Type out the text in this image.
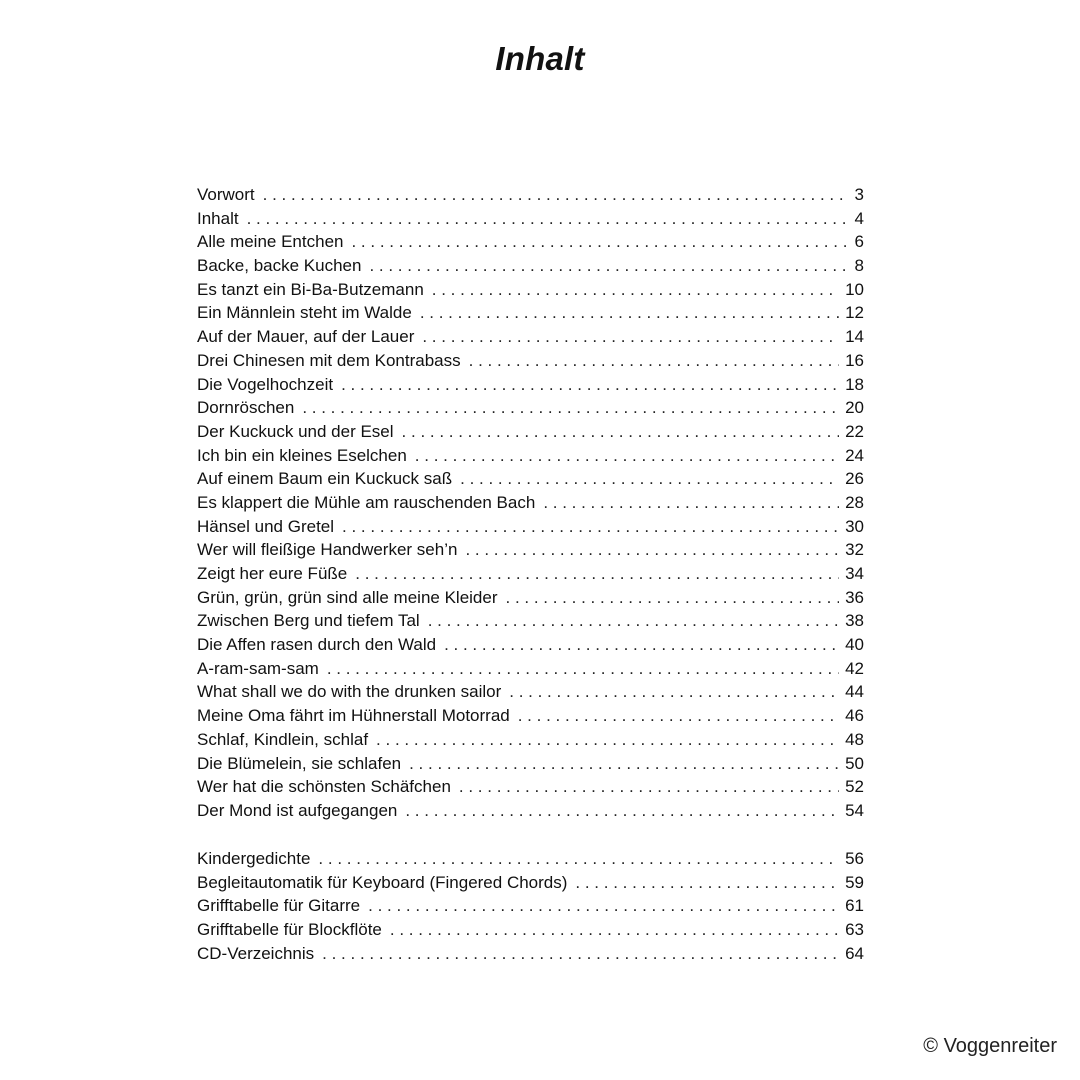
Inhalt
Vorwort . . .	3
Inhalt . . .	4
Alle meine Entchen . . .	6
Backe, backe Kuchen . . .	8
Es tanzt ein Bi-Ba-Butzemann . . .	10
Ein Männlein steht im Walde . . .	12
Auf der Mauer, auf der Lauer . . .	14
Drei Chinesen mit dem Kontrabass . . .	16
Die Vogelhochzeit . . .	18
Dornröschen . . .	20
Der Kuckuck und der Esel . . .	22
Ich bin ein kleines Eselchen . . .	24
Auf einem Baum ein Kuckuck saß . . .	26
Es klappert die Mühle am rauschenden Bach . . .	28
Hänsel und Gretel . . .	30
Wer will fleißige Handwerker seh’n . . .	32
Zeigt her eure Füße . . .	34
Grün, grün, grün sind alle meine Kleider . . .	36
Zwischen Berg und tiefem Tal . . .	38
Die Affen rasen durch den Wald . . .	40
A-ram-sam-sam . . .	42
What shall we do with the drunken sailor . . .	44
Meine Oma fährt im Hühnerstall Motorrad . . .	46
Schlaf, Kindlein, schlaf . . .	48
Die Blümelein, sie schlafen . . .	50
Wer hat die schönsten Schäfchen . . .	52
Der Mond ist aufgegangen . . .	54
Kindergedichte . . .	56
Begleitautomatik für Keyboard (Fingered Chords) . . .	59
Grifftabelle für Gitarre . . .	61
Grifftabelle für Blockflöte . . .	63
CD-Verzeichnis . . .	64
© Voggenreiter
